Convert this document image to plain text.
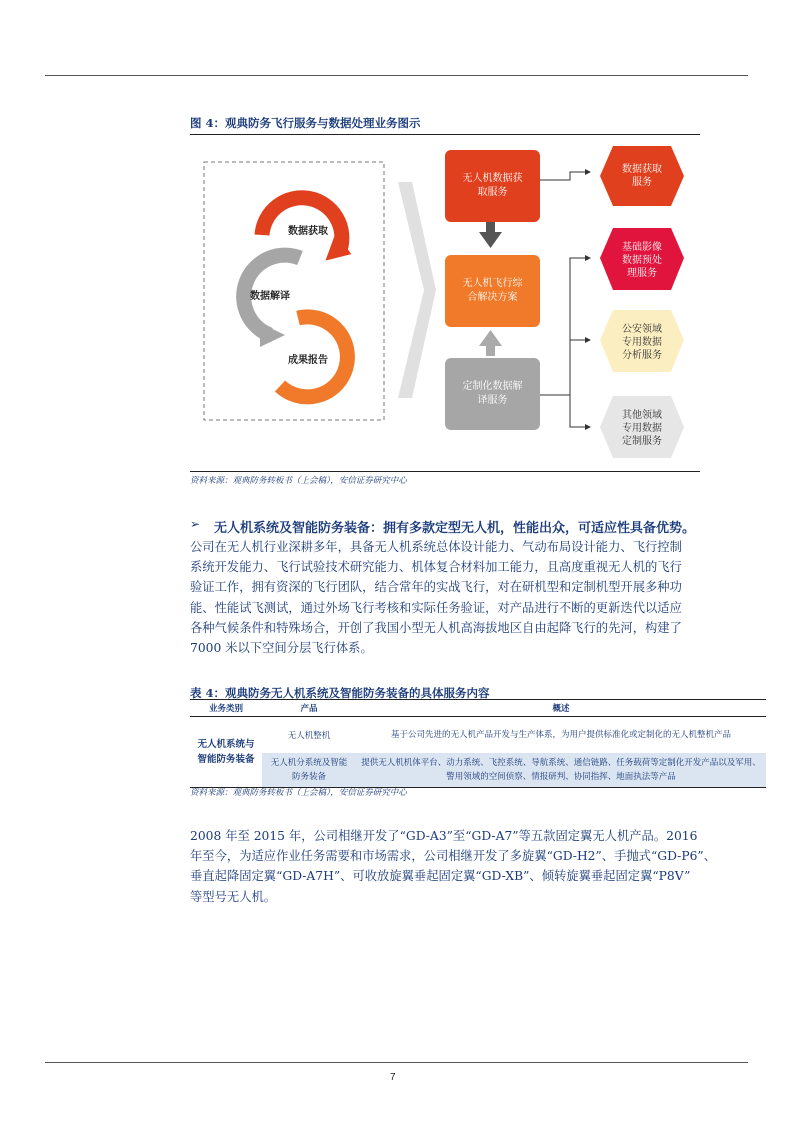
图 4：观典防务飞行服务与数据处理业务图示
数据获取
数据解译
成果报告
无人机数据获取服务
无人机飞行综合解决方案
定制化数据解译服务
数据获取服务
基础影像数据预处理服务
公安领域专用数据分析服务
其他领域专用数据定制服务
资料来源：观典防务转板书（上会稿），安信证券研究中心
➢ 无人机系统及智能防务装备：拥有多款定型无人机，性能出众，可适应性具备优势。
公司在无人机行业深耕多年，具备无人机系统总体设计能力、气动布局设计能力、飞行控制
系统开发能力、飞行试验技术研究能力、机体复合材料加工能力，且高度重视无人机的飞行
验证工作，拥有资深的飞行团队，结合常年的实战飞行，对在研机型和定制机型开展多种功
能、性能试飞测试，通过外场飞行考核和实际任务验证，对产品进行不断的更新迭代以适应
各种气候条件和特殊场合，开创了我国小型无人机高海拔地区自由起降飞行的先河，构建了
7000 米以下空间分层飞行体系。
表 4：观典防务无人机系统及智能防务装备的具体服务内容
业务类别	产品	概述

无人机系统与智能防务装备	无人机整机	基于公司先进的无人机产品开发与生产体系，为用户提供标准化或定制化的无人机整机产品

	无人机分系统及智能防务装备	提供无人机机体平台、动力系统、飞控系统、导航系统、通信链路、任务载荷等定制化开发产品以及军用、警用领域的空间侦察、情报研判、协同指挥、地面执法等产品
资料来源：观典防务转板书（上会稿），安信证券研究中心
2008 年至 2015 年，公司相继开发了“GD-A3”至“GD-A7”等五款固定翼无人机产品。2016
年至今，为适应作业任务需要和市场需求，公司相继开发了多旋翼“GD-H2”、手抛式“GD-P6”、
垂直起降固定翼“GD-A7H”、可收放旋翼垂起固定翼“GD-XB”、倾转旋翼垂起固定翼“P8V”
等型号无人机。
7
